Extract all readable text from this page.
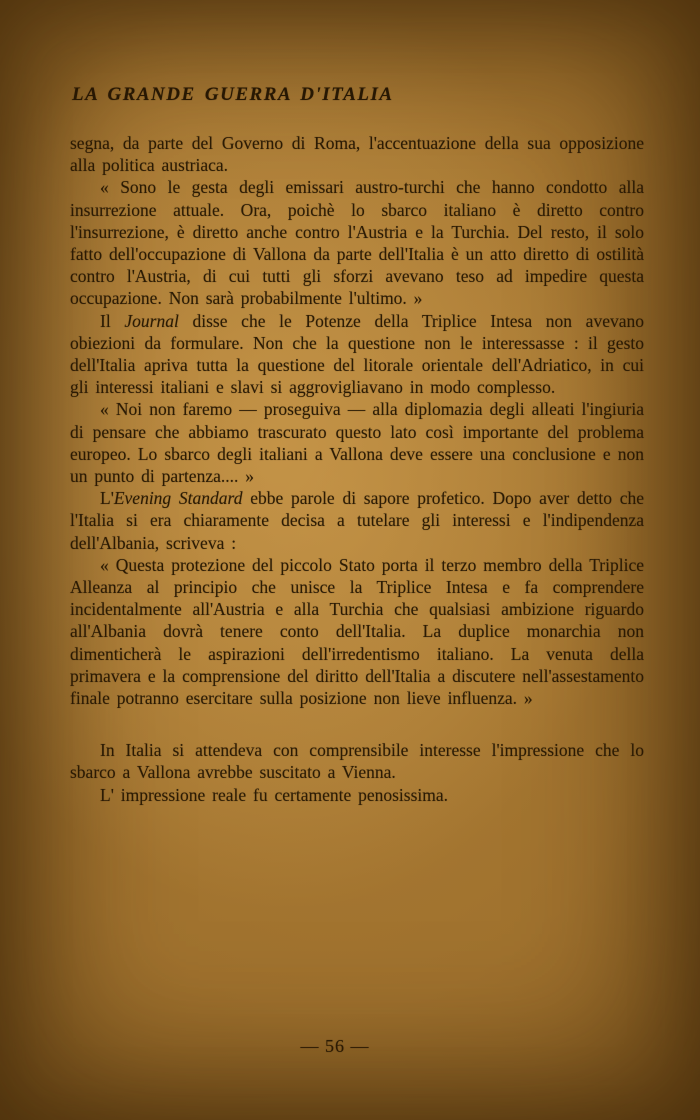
LA GRANDE GUERRA D'ITALIA

segna, da parte del Governo di Roma, l'accentuazione della sua opposizione alla politica austriaca.

« Sono le gesta degli emissari austro-turchi che hanno condotto alla insurrezione attuale. Ora, poichè lo sbarco italiano è diretto contro l'insurrezione, è diretto anche contro l'Austria e la Turchia. Del resto, il solo fatto dell'occupazione di Vallona da parte dell'Italia è un atto diretto di ostilità contro l'Austria, di cui tutti gli sforzi avevano teso ad impedire questa occupazione. Non sarà probabilmente l'ultimo. »

Il Journal disse che le Potenze della Triplice Intesa non avevano obiezioni da formulare. Non che la questione non le interessasse : il gesto dell'Italia apriva tutta la questione del litorale orientale dell'Adriatico, in cui gli interessi italiani e slavi si aggrovigliavano in modo complesso.

« Noi non faremo — proseguiva — alla diplomazia degli alleati l'ingiuria di pensare che abbiamo trascurato questo lato così importante del problema europeo. Lo sbarco degli italiani a Vallona deve essere una conclusione e non un punto di partenza.... »

L'Evening Standard ebbe parole di sapore profetico. Dopo aver detto che l'Italia si era chiaramente decisa a tutelare gli interessi e l'indipendenza dell'Albania, scriveva :

« Questa protezione del piccolo Stato porta il terzo membro della Triplice Alleanza al principio che unisce la Triplice Intesa e fa comprendere incidentalmente all'Austria e alla Turchia che qualsiasi ambizione riguardo all'Albania dovrà tenere conto dell'Italia. La duplice monarchia non dimenticherà le aspirazioni dell'irredentismo italiano. La venuta della primavera e la comprensione del diritto dell'Italia a discutere nell'assestamento finale potranno esercitare sulla posizione non lieve influenza. »

In Italia si attendeva con comprensibile interesse l'impressione che lo sbarco a Vallona avrebbe suscitato a Vienna.

L' impressione reale fu certamente penosissima.

— 56 —
